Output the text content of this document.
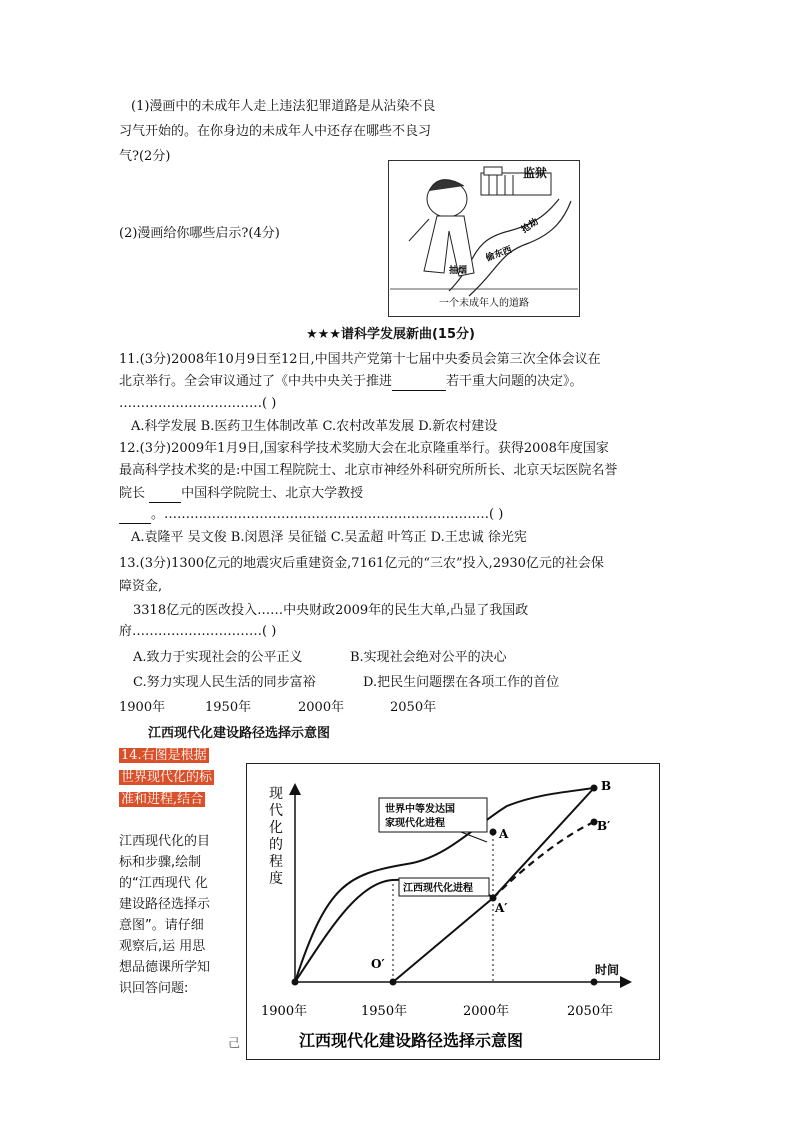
(1)漫画中的未成年人走上违法犯罪道路是从沾染不良
习气开始的。在你身边的未成年人中还存在哪些不良习
气?(2分)
(2)漫画给你哪些启示?(4分)
监狱
抽烟
偷东西
抢劫
一个未成年人的道路
★★★谱科学发展新曲(15分)
11.(3分)2008年10月9日至12日,中国共产党第十七届中央委员会第三次全体会议在
北京举行。全会审议通过了《中共中央关于推进	若干重大问题的决定》。
……………………………( )
A.科学发展 B.医药卫生体制改革 C.农村改革发展 D.新农村建设
12.(3分)2009年1月9日,国家科学技术奖励大会在北京隆重举行。获得2008年度国家
最高科学技术奖的是:中国工程院院士、北京市神经外科研究所所长、北京天坛医院名誉
院长  中国科学院院士、北京大学教授
。…………………………………………………………………( )
A.袁隆平 吴文俊 B.闵恩泽 吴征镒 C.吴孟超 叶笃正 D.王忠诚 徐光宪
13.(3分)1300亿元的地震灾后重建资金,7161亿元的“三农”投入,2930亿元的社会保
障资金,
3318亿元的医改投入……中央财政2009年的民生大单,凸显了我国政
府…………………………( )
A.致力于实现社会的公平正义	B.实现社会绝对公平的决心
C.努力实现人民生活的同步富裕	D.把民生问题摆在各项工作的首位
1900年	1950年	2000年	2050年
江西现代化建设路径选择示意图
14.右图是根据
世界现代化的标
准和进程,结合
江西现代化的目
标和步骤,绘制
的“江西现代 化
建设路径选择示
意图”。请仔细
观察后,运 用思
想品德课所学知
识回答问题:
己
时间
现
代
化
的
程
度
A
A′
B
B′
O′
世界中等发达国
家现代化进程
江西现代化进程
1900年	1950年	2000年	2050年
江西现代化建设路径选择示意图
